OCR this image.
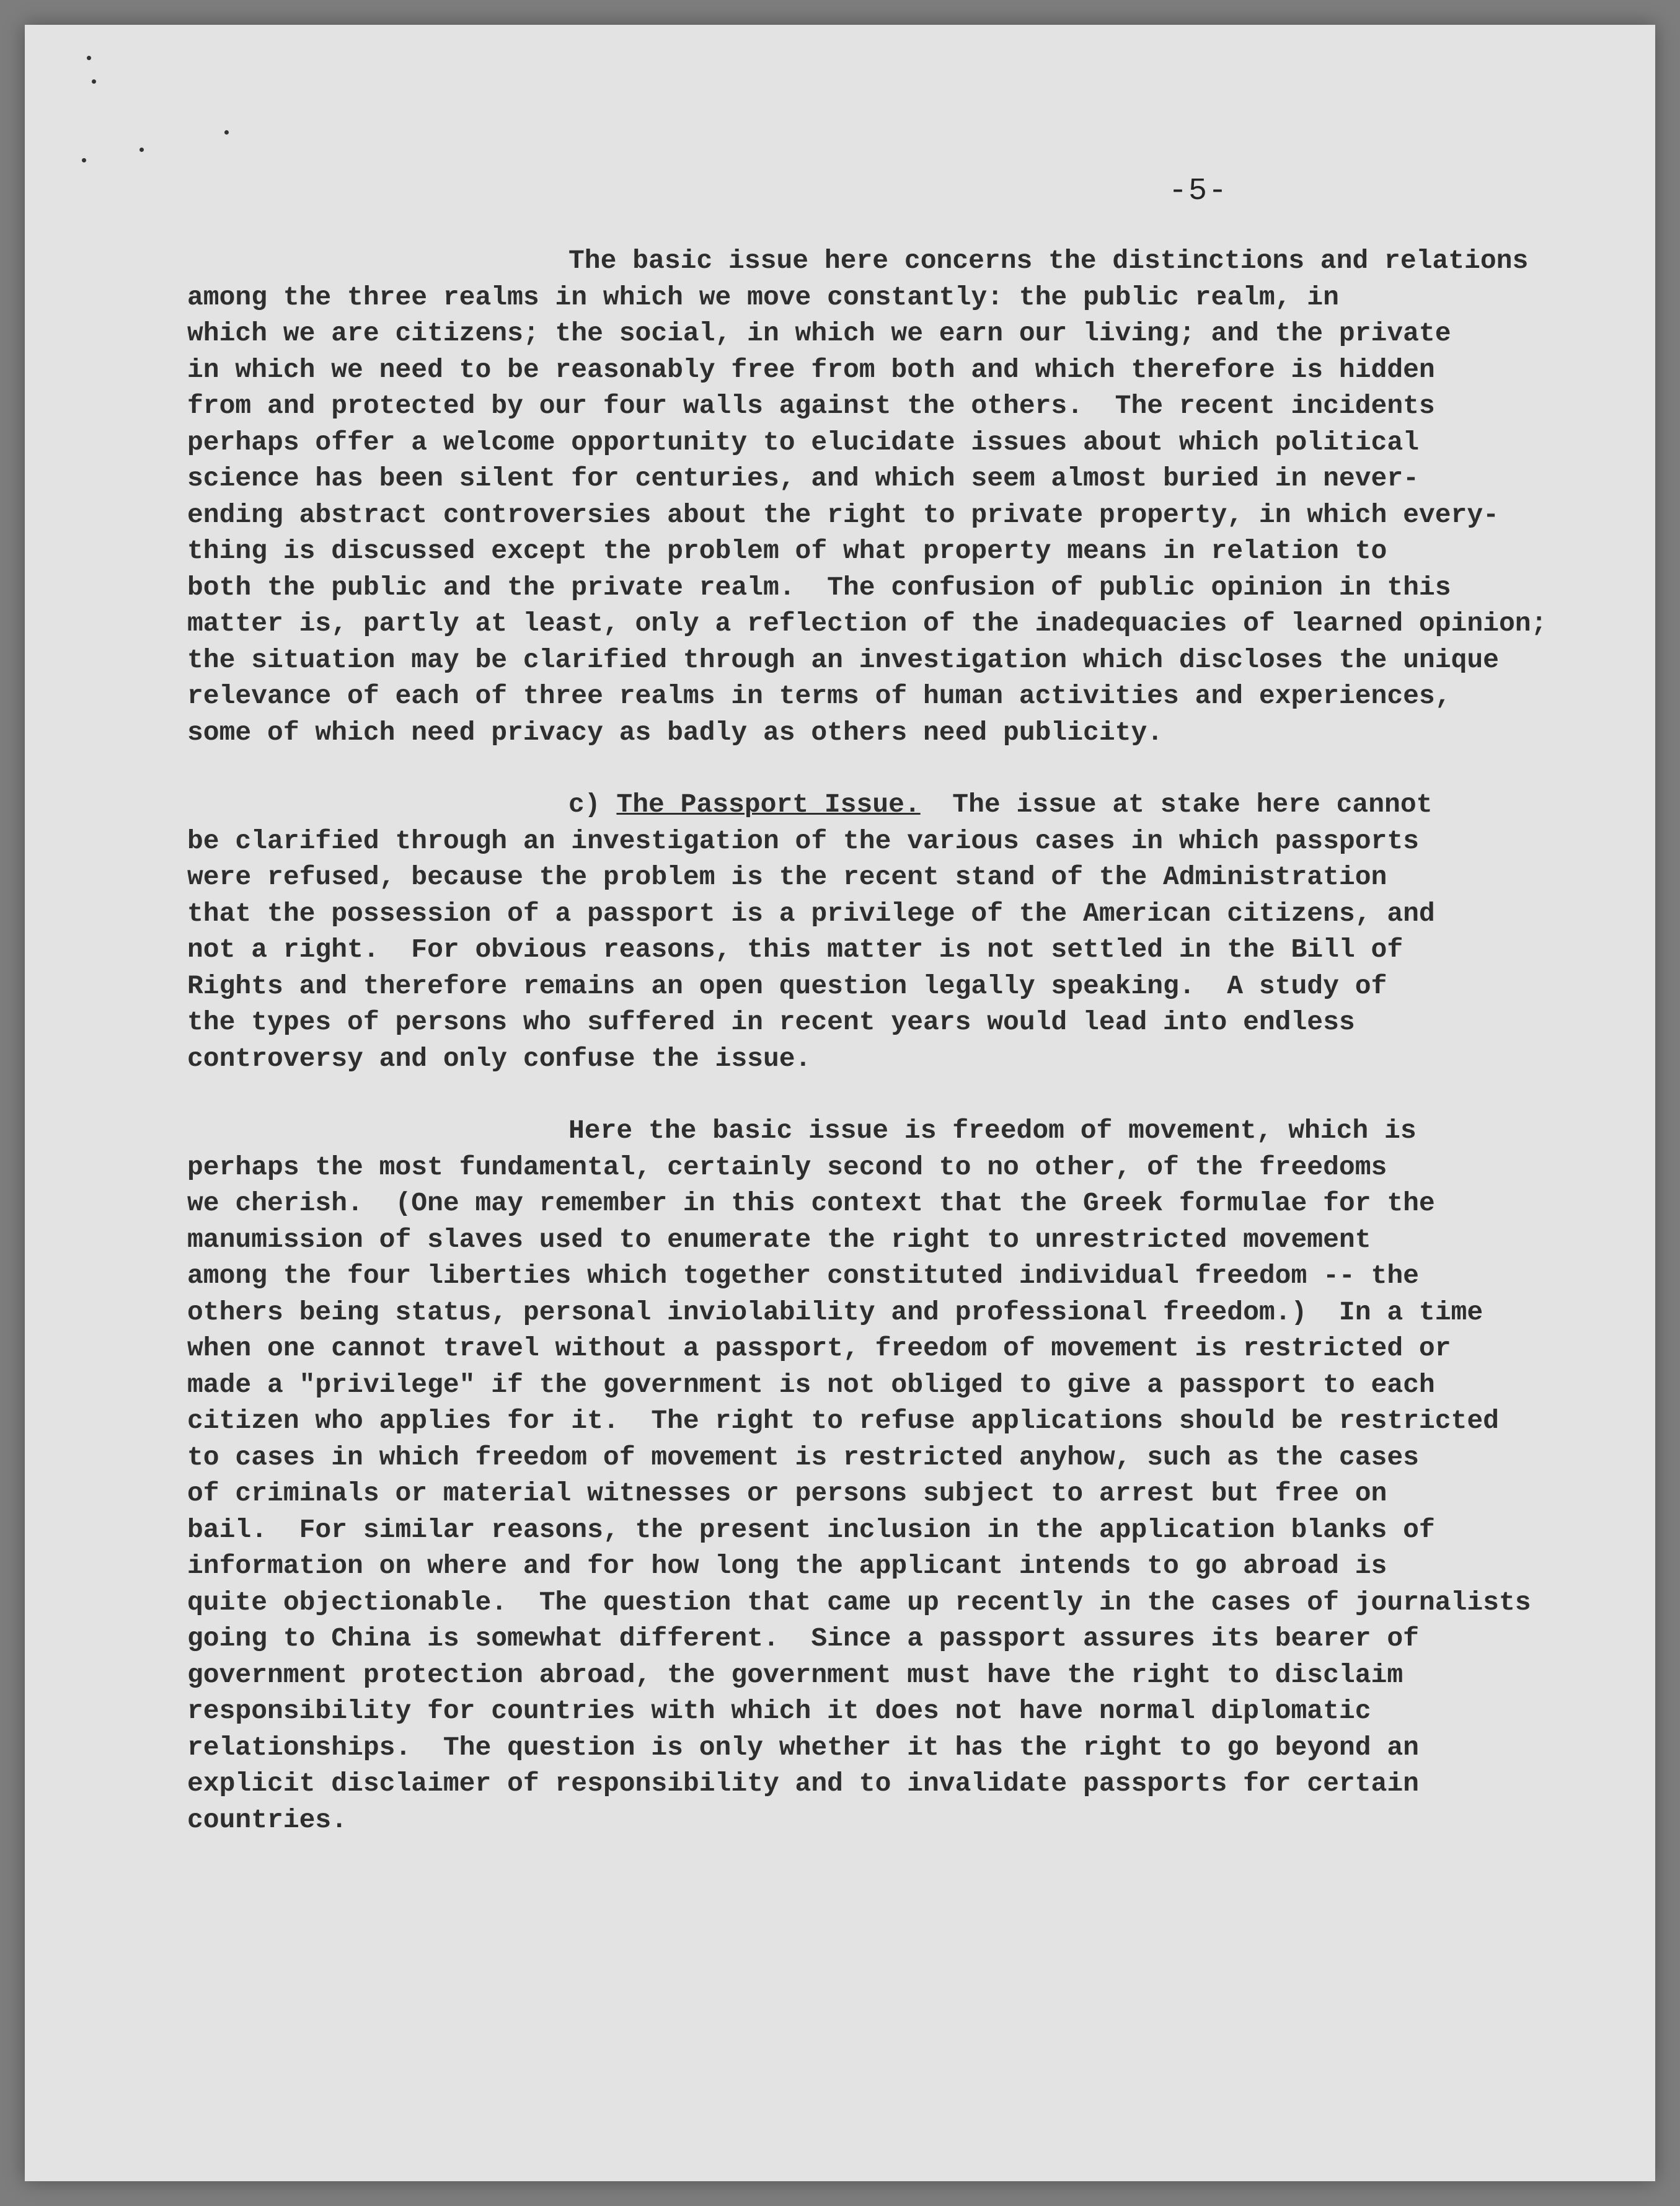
-5-

The basic issue here concerns the distinctions and relations
among the three realms in which we move constantly: the public realm, in
which we are citizens; the social, in which we earn our living; and the private
in which we need to be reasonably free from both and which therefore is hidden
from and protected by our four walls against the others.  The recent incidents
perhaps offer a welcome opportunity to elucidate issues about which political
science has been silent for centuries, and which seem almost buried in never-
ending abstract controversies about the right to private property, in which every-
thing is discussed except the problem of what property means in relation to
both the public and the private realm.  The confusion of public opinion in this
matter is, partly at least, only a reflection of the inadequacies of learned opinion;
the situation may be clarified through an investigation which discloses the unique
relevance of each of three realms in terms of human activities and experiences,
some of which need privacy as badly as others need publicity.

c) The Passport Issue.  The issue at stake here cannot
be clarified through an investigation of the various cases in which passports
were refused, because the problem is the recent stand of the Administration
that the possession of a passport is a privilege of the American citizens, and
not a right.  For obvious reasons, this matter is not settled in the Bill of
Rights and therefore remains an open question legally speaking.  A study of
the types of persons who suffered in recent years would lead into endless
controversy and only confuse the issue.

Here the basic issue is freedom of movement, which is
perhaps the most fundamental, certainly second to no other, of the freedoms
we cherish.  (One may remember in this context that the Greek formulae for the
manumission of slaves used to enumerate the right to unrestricted movement
among the four liberties which together constituted individual freedom -- the
others being status, personal inviolability and professional freedom.)  In a time
when one cannot travel without a passport, freedom of movement is restricted or
made a "privilege" if the government is not obliged to give a passport to each
citizen who applies for it.  The right to refuse applications should be restricted
to cases in which freedom of movement is restricted anyhow, such as the cases
of criminals or material witnesses or persons subject to arrest but free on
bail.  For similar reasons, the present inclusion in the application blanks of
information on where and for how long the applicant intends to go abroad is
quite objectionable.  The question that came up recently in the cases of journalists
going to China is somewhat different.  Since a passport assures its bearer of
government protection abroad, the government must have the right to disclaim
responsibility for countries with which it does not have normal diplomatic
relationships.  The question is only whether it has the right to go beyond an
explicit disclaimer of responsibility and to invalidate passports for certain
countries.
